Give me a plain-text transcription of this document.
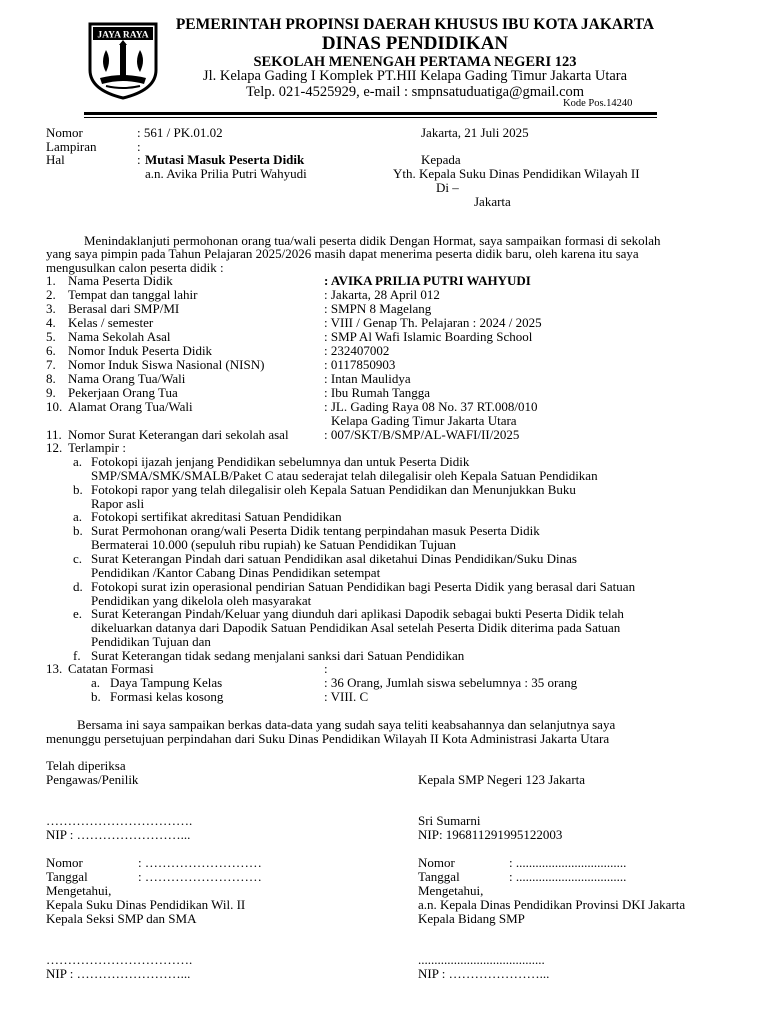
JAYA RAYA
PEMERINTAH PROPINSI DAERAH KHUSUS IBU KOTA JAKARTA
DINAS PENDIDIKAN
SEKOLAH MENENGAH PERTAMA NEGERI 123
Jl. Kelapa Gading I Komplek PT.HII Kelapa Gading Timur Jakarta Utara
Telp. 021-4525929, e-mail : smpnsatuduatiga@gmail.com
Kode Pos.14240
Nomor	: 561 / PK.01.02	Jakarta, 21 Juli 2025
Lampiran	:
Hal	: Mutasi Masuk Peserta Didik	Kepada
a.n. Avika Prilia Putri Wahyudi	Yth. Kepala Suku Dinas Pendidikan Wilayah II
Di –
Jakarta
Menindaklanjuti permohonan orang tua/wali peserta didik Dengan Hormat, saya sampaikan formasi di sekolah
yang saya pimpin pada Tahun Pelajaran 2025/2026 masih dapat menerima peserta didik baru, oleh karena itu saya
mengusulkan calon peserta didik :
1. Nama Peserta Didik	: AVIKA PRILIA PUTRI WAHYUDI
2. Tempat dan tanggal lahir	: Jakarta, 28 April 012
3. Berasal dari SMP/MI	: SMPN 8 Magelang
4. Kelas / semester	: VIII / Genap Th. Pelajaran : 2024 / 2025
5. Nama Sekolah Asal	: SMP Al Wafi Islamic Boarding School
6. Nomor Induk Peserta Didik	: 232407002
7. Nomor Induk Siswa Nasional (NISN)	: 0117850903
8. Nama Orang Tua/Wali	: Intan Maulidya
9. Pekerjaan Orang Tua	: Ibu Rumah Tangga
10. Alamat Orang Tua/Wali	: JL. Gading Raya 08 No. 37 RT.008/010
Kelapa Gading Timur Jakarta Utara
11. Nomor Surat Keterangan dari sekolah asal	: 007/SKT/B/SMP/AL-WAFI/II/2025
12. Terlampir :
a. Fotokopi ijazah jenjang Pendidikan sebelumnya dan untuk Peserta Didik
SMP/SMA/SMK/SMALB/Paket C atau sederajat telah dilegalisir oleh Kepala Satuan Pendidikan
b. Fotokopi rapor yang telah dilegalisir oleh Kepala Satuan Pendidikan dan Menunjukkan Buku
Rapor asli
a. Fotokopi sertifikat akreditasi Satuan Pendidikan
b. Surat Permohonan orang/wali Peserta Didik tentang perpindahan masuk Peserta Didik
Bermaterai 10.000 (sepuluh ribu rupiah) ke Satuan Pendidikan Tujuan
c. Surat Keterangan Pindah dari satuan Pendidikan asal diketahui Dinas Pendidikan/Suku Dinas
Pendidikan /Kantor Cabang Dinas Pendidikan setempat
d. Fotokopi surat izin operasional pendirian Satuan Pendidikan bagi Peserta Didik yang berasal dari Satuan
Pendidikan yang dikelola oleh masyarakat
e. Surat Keterangan Pindah/Keluar yang diunduh dari aplikasi Dapodik sebagai bukti Peserta Didik telah
dikeluarkan datanya dari Dapodik Satuan Pendidikan Asal setelah Peserta Didik diterima pada Satuan
Pendidikan Tujuan dan
f. Surat Keterangan tidak sedang menjalani sanksi dari Satuan Pendidikan
13. Catatan Formasi	:
a. Daya Tampung Kelas	: 36 Orang, Jumlah siswa sebelumnya : 35 orang
b. Formasi kelas kosong	: VIII. C
Bersama ini saya sampaikan berkas data-data yang sudah saya teliti keabsahannya dan selanjutnya saya
menunggu persetujuan perpindahan dari Suku Dinas Pendidikan Wilayah II Kota Administrasi Jakarta Utara
Telah diperiksa
Pengawas/Penilik
…………………………….
NIP : ……………………...
Nomor	: ………………………
Tanggal	: ………………………
Mengetahui,
Kepala Suku Dinas Pendidikan Wil. II
Kepala Seksi SMP dan SMA
…………………………….
NIP : ……………………...
Kepala SMP Negeri 123 Jakarta
Sri Sumarni
NIP: 196811291995122003
Nomor	: ..................................
Tanggal	: ..................................
Mengetahui,
a.n. Kepala Dinas Pendidikan Provinsi DKI Jakarta
Kepala Bidang SMP
.......................................
NIP : …………………...
